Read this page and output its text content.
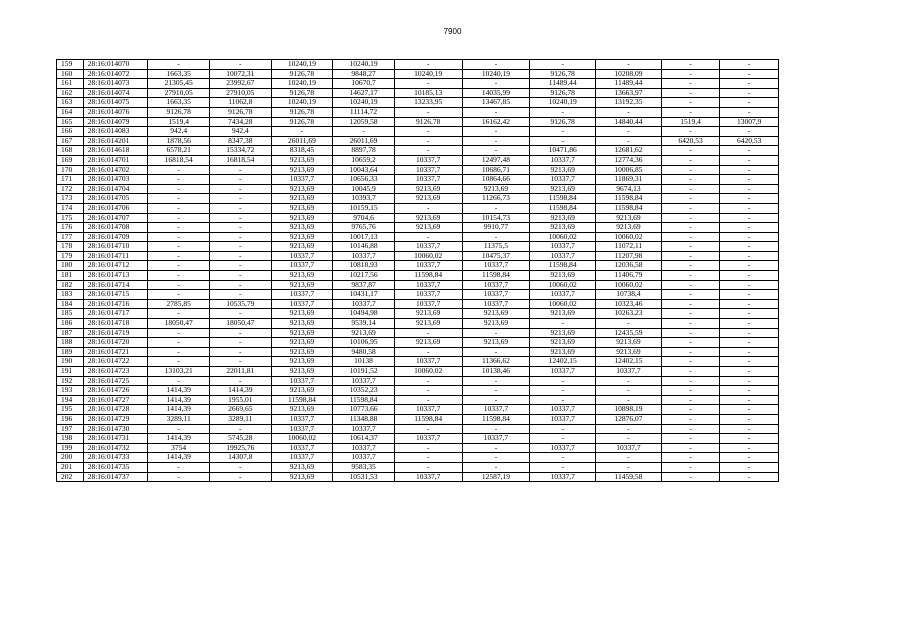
7900
159	28:16:014070	-	-	10240,19	10240,19	-	-	-	-	-	-
160	28:16:014072	1663,35	10072,31	9126,78	9848,27	10240,19	10240,19	9126,78	10208,09	-	-
161	28:16:014073	21305,45	23992,67	10240,19	10670,7	-	-	11489,44	11489,44	-	-
162	28:16:014074	27910,05	27910,05	9126,78	14627,17	10185,13	14035,99	9126,78	13663,97	-	-
163	28:16:014075	1663,35	11062,8	10240,19	10240,19	13233,95	13467,85	10240,19	13192,35	-	-
164	28:16:014076	9126,78	9126,78	9126,78	11114,72	-	-	-	-	-	-
165	28:16:014079	1519,4	7434,28	9126,78	12059,58	9126,78	16162,42	9126,78	14840,44	1519,4	13007,9
166	28:16:014083	942,4	942,4	-	-	-	-	-	-	-	-
167	28:16:014201	1878,56	8347,38	26011,69	26011,69	-	-	-	-	6420,53	6420,53
168	28:16:014618	6578,21	15334,72	8318,45	8897,78	-	-	10471,86	12681,62	-	-
169	28:16:014701	16818,54	16818,54	9213,69	10659,2	10337,7	12497,48	10337,7	12774,36	-	-
170	28:16:014702	-	-	9213,69	10043,64	10337,7	10686,71	9213,69	10006,85	-	-
171	28:16:014703	-	-	10337,7	10656,33	10337,7	10864,66	10337,7	11869,31	-	-
172	28:16:014704	-	-	9213,69	10045,9	9213,69	9213,69	9213,69	9674,13	-	-
173	28:16:014705	-	-	9213,69	10393,7	9213,69	11266,73	11598,84	11598,84	-	-
174	28:16:014706	-	-	9213,69	10159,15	-	-	11598,84	11598,84	-	-
175	28:16:014707	-	-	9213,69	9704,6	9213,69	10154,73	9213,69	9213,69	-	-
176	28:16:014708	-	-	9213,69	9765,76	9213,69	9910,77	9213,69	9213,69	-	-
177	28:16:014709	-	-	9213,69	10017,13	-	-	10060,02	10060,02	-	-
178	28:16:014710	-	-	9213,69	10146,88	10337,7	11375,5	10337,7	11072,11	-	-
179	28:16:014711	-	-	10337,7	10337,7	10060,02	10475,37	10337,7	11207,98	-	-
180	28:16:014712	-	-	10337,7	10818,93	10337,7	10337,7	11598,84	12036,58	-	-
181	28:16:014713	-	-	9213,69	10217,56	11598,84	11598,84	9213,69	11406,79	-	-
182	28:16:014714	-	-	9213,69	9837,87	10337,7	10337,7	10060,02	10060,02	-	-
183	28:16:014715	-	-	10337,7	10431,17	10337,7	10337,7	10337,7	10738,4	-	-
184	28:16:014716	2785,85	10535,79	10337,7	10337,7	10337,7	10337,7	10060,02	10323,46	-	-
185	28:16:014717	-	-	9213,69	10494,98	9213,69	9213,69	9213,69	10263,23	-	-
186	28:16:014718	18050,47	18050,47	9213,69	9539,14	9213,69	9213,69	-	-	-	-
187	28:16:014719	-	-	9213,69	9213,69	-	-	9213,69	12435,59	-	-
188	28:16:014720	-	-	9213,69	10106,95	9213,69	9213,69	9213,69	9213,69	-	-
189	28:16:014721	-	-	9213,69	9480,58	-	-	9213,69	9213,69	-	-
190	28:16:014722	-	-	9213,69	10138	10337,7	11366,62	12402,15	12402,15	-	-
191	28:16:014723	13103,21	22011,81	9213,69	10191,52	10060,02	10138,46	10337,7	10337,7	-	-
192	28:16:014725	-	-	10337,7	10337,7	-	-	-	-	-	-
193	28:16:014726	1414,39	1414,39	9213,69	10352,23	-	-	-	-	-	-
194	28:16:014727	1414,39	1955,01	11598,84	11598,84	-	-	-	-	-	-
195	28:16:014728	1414,39	2669,65	9213,69	10773,66	10337,7	10337,7	10337,7	10898,19	-	-
196	28:16:014729	3289,11	3289,11	10337,7	11348,88	11598,84	11598,84	10337,7	12876,07	-	-
197	28:16:014730	-	-	10337,7	10337,7	-	-	-	-	-	-
198	28:16:014731	1414,39	5745,28	10060,02	10614,37	10337,7	10337,7	-	-	-	-
199	28:16:014732	3754	19925,76	10337,7	10337,7	-	-	10337,7	10337,7	-	-
200	28:16:014733	1414,39	14307,8	10337,7	10337,7	-	-	-	-	-	-
201	28:16:014735	-	-	9213,69	9583,35	-	-	-	-	-	-
202	28:16:014737	-	-	9213,69	10531,53	10337,7	12587,19	10337,7	11459,58	-	-
